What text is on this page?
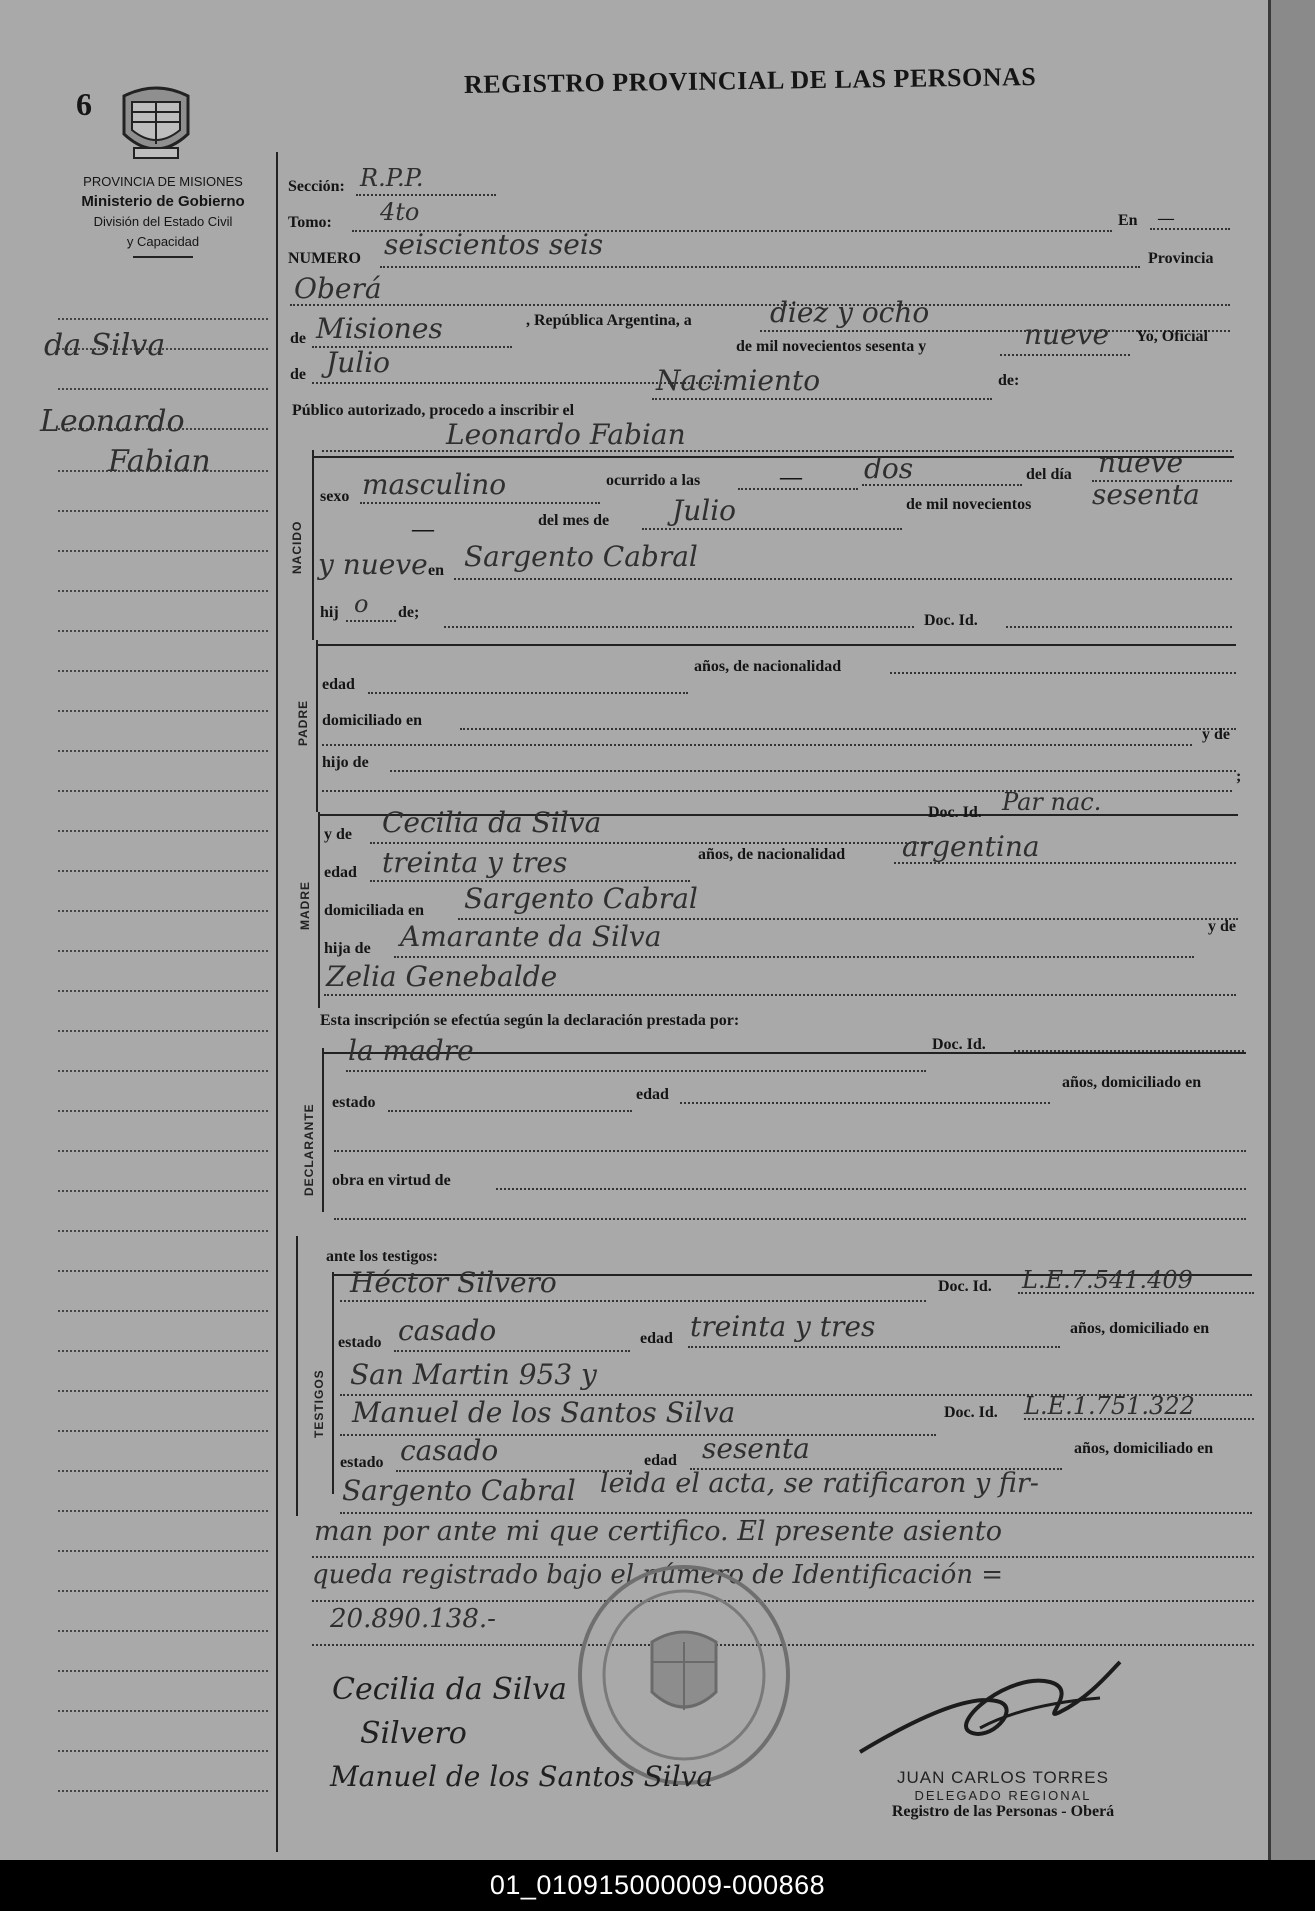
6
REGISTRO PROVINCIAL DE LAS PERSONAS
PROVINCIA DE MISIONES
Ministerio de Gobierno
División del Estado Civil
y Capacidad
da Silva
Leonardo
Fabian
Sección: R.P.P.
Tomo: 4to	En —
NUMERO seiscientos seis	Provincia
Oberá
de Misiones	, República Argentina, a	diez y ocho
de Julio	de mil novecientos sesenta y	nueve Yo, Oficial
Público autorizado, procedo a inscribir el
Nacimiento	de:
Leonardo Fabian
NACIDO
sexo masculino	ocurrido a las	— dos	del día nueve
—	del mes de Julio	de mil novecientos sesenta
y nueve en Sargento Cabral
hij o de;	Doc. Id.
PADRE
edad
años, de nacionalidad
domiciliado en
y de
hijo de
;
MADRE
y de Cecilia da Silva	Doc. Id. Par nac.
edad treinta y tres	años, de nacionalidad argentina
domiciliada en Sargento Cabral
hija de Amarante da Silva	y de
Zelia Genebalde
Esta inscripción se efectúa según la declaración prestada por:
DECLARANTE
la madre	Doc. Id.
estado	edad
años, domiciliado en
obra en virtud de
ante los testigos:
TESTIGOS
Héctor Silvero	Doc. Id. L.E.7.541.409
estado casado	edad treinta y tres	años, domiciliado en
San Martin 953 y
Manuel de los Santos Silva	Doc. Id. L.E.1.751.322
estado casado	edad sesenta	años, domiciliado en
Sargento Cabral leida el acta, se ratificaron y fir-
man por ante mi que certifico. El presente asiento
queda registrado bajo el número de Identificación =
20.890.138.-
Cecilia da Silva
Silvero
Manuel de los Santos Silva	JUAN CARLOS TORRES
DELEGADO REGIONAL
Registro de las Personas - Oberá
01_010915000009-000868
